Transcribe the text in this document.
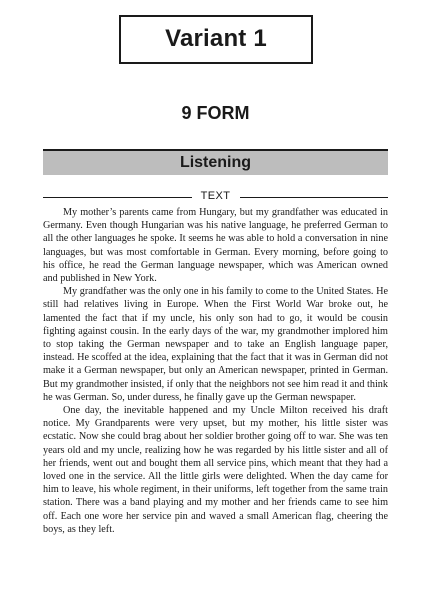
Variant 1
9 FORM
Listening
TEXT

My mother’s parents came from Hungary, but my grandfather was educated in Germany. Even though Hungarian was his native language, he preferred German to all the other languages he spoke. It seems he was able to hold a conversation in nine languages, but was most comfortable in German. Every morning, before going to his office, he read the German language newspaper, which was American owned and published in New York.

My grandfather was the only one in his family to come to the United States. He still had relatives living in Europe. When the First World War broke out, he lamented the fact that if my uncle, his only son had to go, it would be cousin fighting against cousin. In the early days of the war, my grandmother implored him to stop taking the German newspaper and to take an English language paper, instead. He scoffed at the idea, explaining that the fact that it was in German did not make it a German newspaper, but only an American newspaper, printed in German. But my grandmother insisted, if only that the neighbors not see him read it and think he was German. So, under duress, he finally gave up the German newspaper.

One day, the inevitable happened and my Uncle Milton received his draft notice. My Grandparents were very upset, but my mother, his little sister was ecstatic. Now she could brag about her soldier brother going off to war. She was ten years old and my uncle, realizing how he was regarded by his little sister and all of her friends, went out and bought them all service pins, which meant that they had a loved one in the service. All the little girls were delighted. When the day came for him to leave, his whole regiment, in their uniforms, left together from the same train station. There was a band playing and my mother and her friends came to see him off. Each one wore her service pin and waved a small American flag, cheering the boys, as they left.
